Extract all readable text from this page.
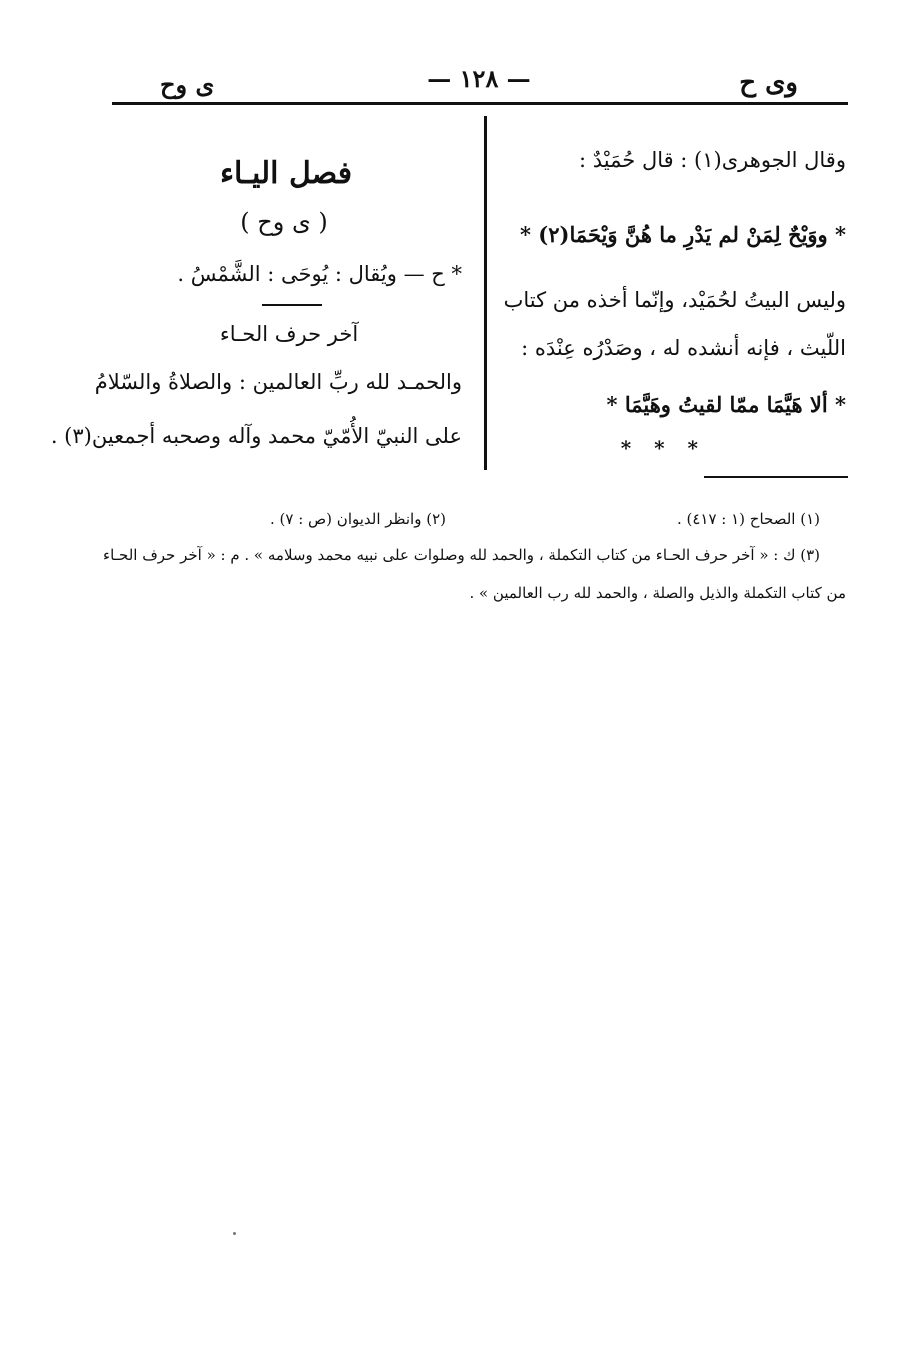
وى ح
— ١٢٨ —
ى وح
وقال الجوهرى(١) : قال حُمَيْدٌ :
* ووَيْحٌ لِمَنْ لم يَدْرِ ما هُنَّ وَيْحَمَا(٢) *
وليس البيتُ لحُمَيْد، وإنّما أخذه من كتاب
اللّيث ، فإنه أنشده له ، وصَدْرُه عِنْدَه :
* ألا هَيَّمَا ممّا لقيتُ وهَيَّمَا *
* * *
فصل اليـاء
( ى وح )
* ح — ويُقال : يُوحَى : الشَّمْسُ .
آخر حرف الحـاء
والحمـد لله ربِّ العالمين : والصلاةُ والسّلامُ
على النبيّ الأُمّيّ محمد وآله وصحبه أجمعين(٣) .
(١) الصحاح (١ : ٤١٧) .
(٢) وانظر الديوان (ص : ٧) .
(٣) ك : « آخر حرف الحـاء من كتاب التكملة ، والحمد لله وصلوات على نبيه محمد وسلامه » . م : « آخر حرف الحـاء
من كتاب التكملة والذيل والصلة ، والحمد لله رب العالمين » .
